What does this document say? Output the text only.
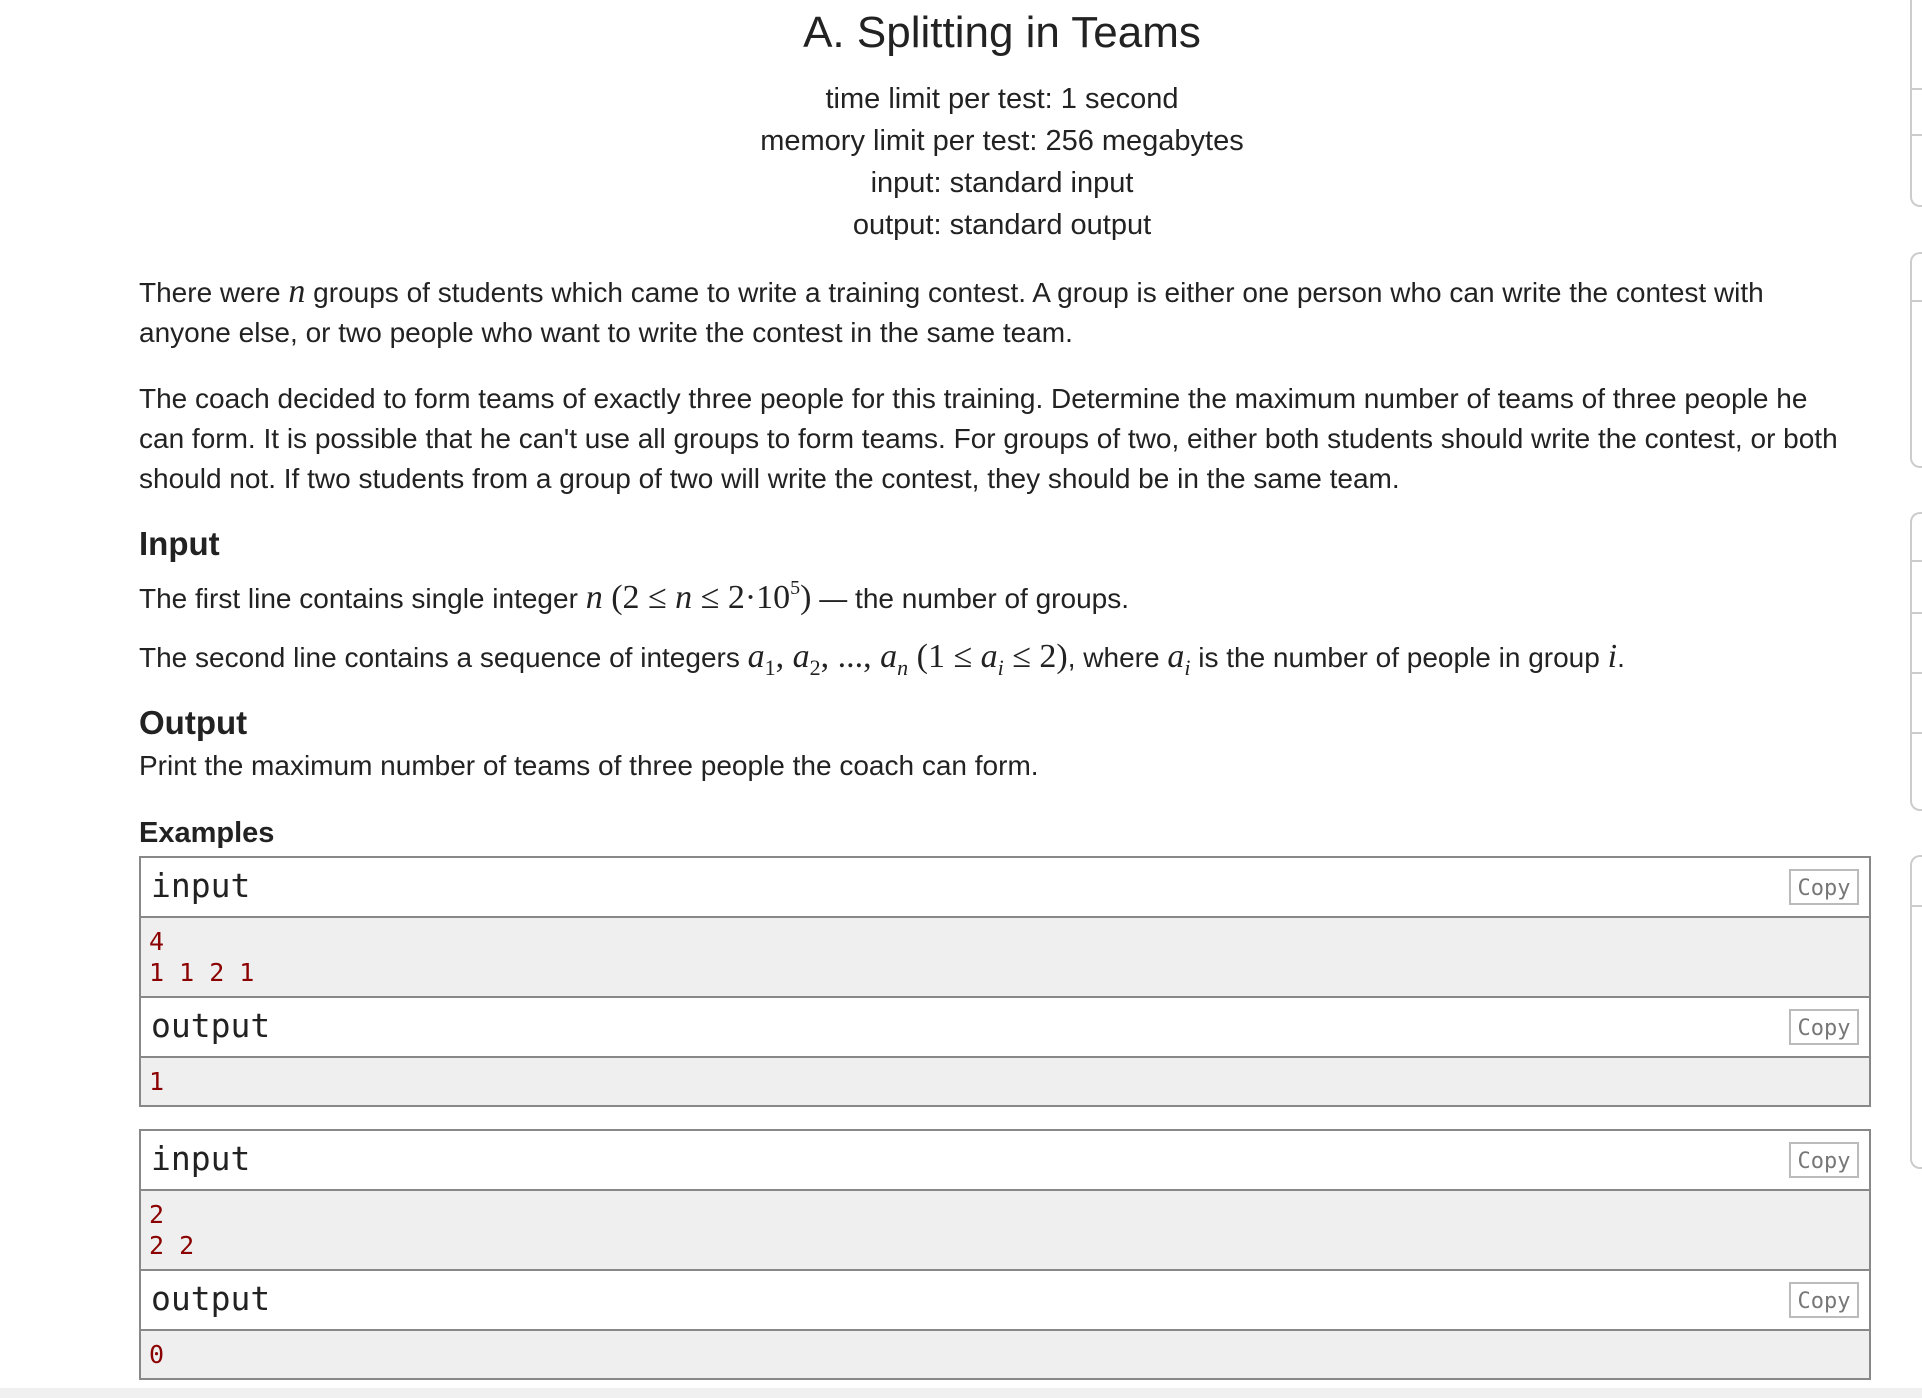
A. Splitting in Teams
time limit per test: 1 second
memory limit per test: 256 megabytes
input: standard input
output: standard output
There were n groups of students which came to write a training contest. A group is either one person who can write the contest with anyone else, or two people who want to write the contest in the same team.
The coach decided to form teams of exactly three people for this training. Determine the maximum number of teams of three people he can form. It is possible that he can't use all groups to form teams. For groups of two, either both students should write the contest, or both should not. If two students from a group of two will write the contest, they should be in the same team.
Input
The first line contains single integer n $(2 \le n \le 2\cdot 10^5)$ — the number of groups.
The second line contains a sequence of integers $a_1$, $a_2$, ..., $a_n$ $(1 \le a_i \le 2)$, where $a_i$ is the number of people in group i.
Output
Print the maximum number of teams of three people the coach can form.
Examples
input	Copy
4
1 1 2 1
output	Copy
1
input	Copy
2
2 2
output	Copy
0
